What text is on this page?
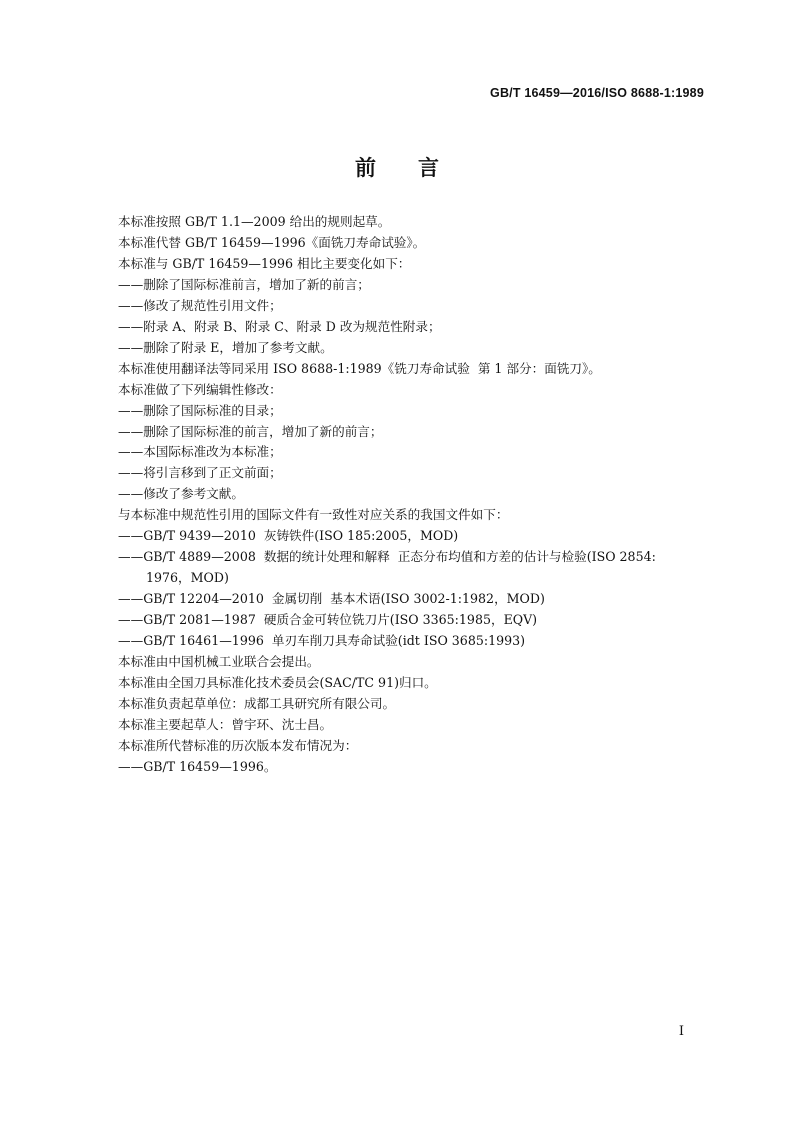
GB/T 16459—2016/ISO 8688-1:1989
前言

本标准按照 GB/T 1.1—2009 给出的规则起草。

本标准代替 GB/T 16459—1996《面铣刀寿命试验》。

本标准与 GB/T 16459—1996 相比主要变化如下：

——删除了国际标准前言，增加了新的前言；

——修改了规范性引用文件；

——附录 A、附录 B、附录 C、附录 D 改为规范性附录；

——删除了附录 E，增加了参考文献。

本标准使用翻译法等同采用 ISO 8688-1:1989《铣刀寿命试验  第 1 部分：面铣刀》。

本标准做了下列编辑性修改：

——删除了国际标准的目录；

——删除了国际标准的前言，增加了新的前言；

——本国际标准改为本标准；

——将引言移到了正文前面；

——修改了参考文献。

与本标准中规范性引用的国际文件有一致性对应关系的我国文件如下：

——GB/T 9439—2010  灰铸铁件(ISO 185:2005，MOD)

——GB/T 4889—2008  数据的统计处理和解释  正态分布均值和方差的估计与检验(ISO 2854:
1976，MOD)

——GB/T 12204—2010  金属切削  基本术语(ISO 3002-1:1982，MOD)

——GB/T 2081—1987  硬质合金可转位铣刀片(ISO 3365:1985，EQV)

——GB/T 16461—1996  单刃车削刀具寿命试验(idt ISO 3685:1993)

本标准由中国机械工业联合会提出。

本标准由全国刀具标准化技术委员会(SAC/TC 91)归口。

本标准负责起草单位：成都工具研究所有限公司。

本标准主要起草人：曾宇环、沈士昌。

本标准所代替标准的历次版本发布情况为：

——GB/T 16459—1996。

I
